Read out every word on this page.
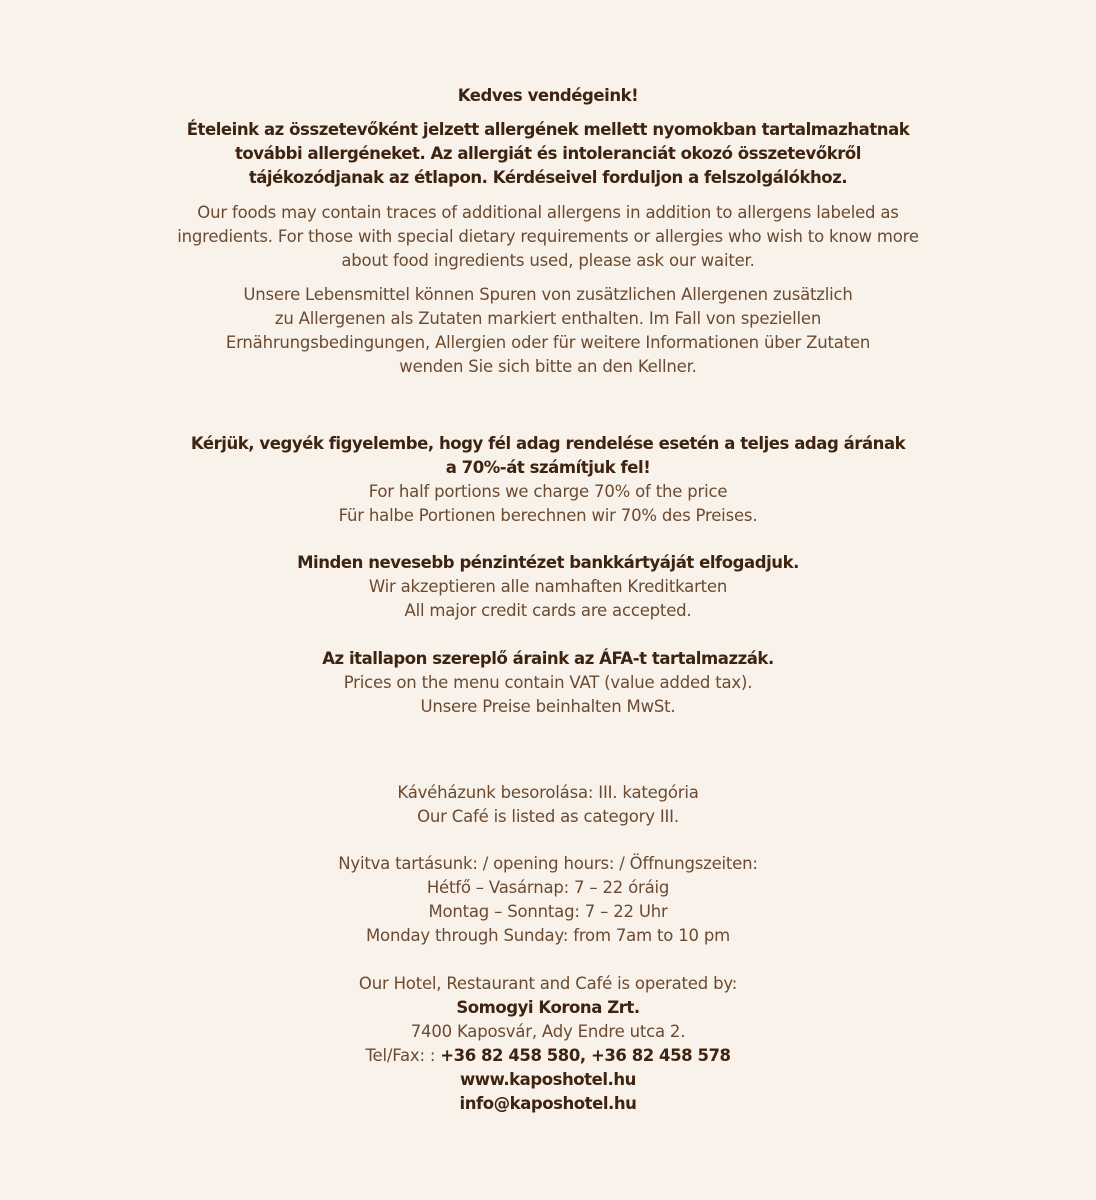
Kedves vendégeink!
Ételeink az összetevőként jelzett allergének mellett nyomokban tartalmazhatnak
további allergéneket. Az allergiát és intoleranciát okozó összetevőkről
tájékozódjanak az étlapon. Kérdéseivel forduljon a felszolgálókhoz.
Our foods may contain traces of additional allergens in addition to allergens labeled as
ingredients. For those with special dietary requirements or allergies who wish to know more
about food ingredients used, please ask our waiter.
Unsere Lebensmittel können Spuren von zusätzlichen Allergenen zusätzlich
zu Allergenen als Zutaten markiert enthalten. Im Fall von speziellen
Ernährungsbedingungen, Allergien oder für weitere Informationen über Zutaten
wenden Sie sich bitte an den Kellner.
Kérjük, vegyék figyelembe, hogy fél adag rendelése esetén a teljes adag árának
a 70%-át számítjuk fel!
For half portions we charge 70% of the price
Für halbe Portionen berechnen wir 70% des Preises.
Minden nevesebb pénzintézet bankkártyáját elfogadjuk.
Wir akzeptieren alle namhaften Kreditkarten
All major credit cards are accepted.
Az itallapon szereplő áraink az ÁFA-t tartalmazzák.
Prices on the menu contain VAT (value added tax).
Unsere Preise beinhalten MwSt.
Kávéházunk besorolása: III. kategória
Our Café is listed as category III.
Nyitva tartásunk: / opening hours: / Öffnungszeiten:
Hétfő – Vasárnap: 7 – 22 óráig
Montag – Sonntag: 7 – 22 Uhr
Monday through Sunday: from 7am to 10 pm
Our Hotel, Restaurant and Café is operated by:
Somogyi Korona Zrt.
7400 Kaposvár, Ady Endre utca 2.
Tel/Fax: : +36 82 458 580, +36 82 458 578
www.kaposhotel.hu
info@kaposhotel.hu
